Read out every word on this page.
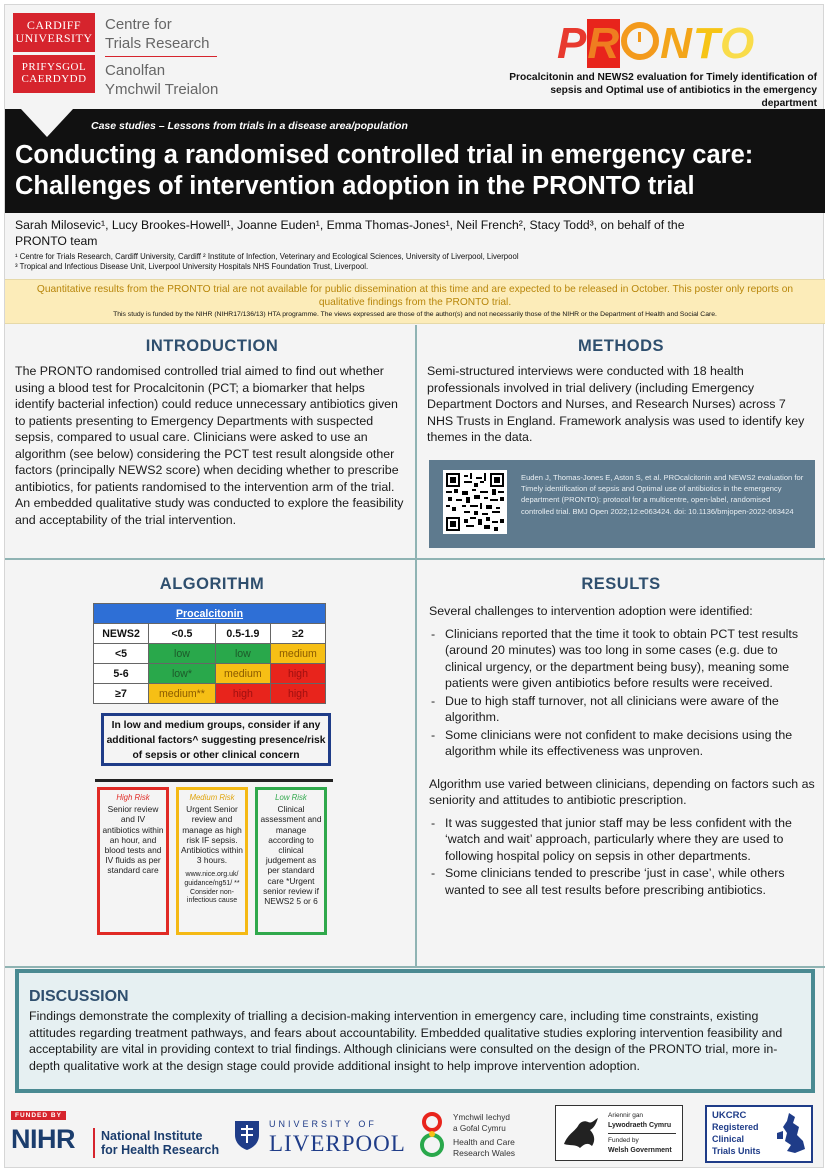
CARDIFF UNIVERSITY
PRIFYSGOL CAERDYDD
Centre for
Trials Research
Canolfan
Ymchwil Treialon
PR NTO
Procalcitonin and NEWS2 evaluation for Timely identification of sepsis and Optimal use of antibiotics in the emergency department
Case studies – Lessons from trials in a disease area/population
Conducting a randomised controlled trial in emergency care:
Challenges of intervention adoption in the PRONTO trial
Sarah Milosevic¹, Lucy Brookes-Howell¹, Joanne Euden¹, Emma Thomas-Jones¹, Neil French², Stacy Todd³, on behalf of the
PRONTO team
¹ Centre for Trials Research, Cardiff University, Cardiff ² Institute of Infection, Veterinary and Ecological Sciences, University of Liverpool, Liverpool
³ Tropical and Infectious Disease Unit, Liverpool University Hospitals NHS Foundation Trust, Liverpool.
Quantitative results from the PRONTO trial are not available for public dissemination at this time and are expected to be released in October. This poster only reports on qualitative findings from the PRONTO trial.
This study is funded by the NIHR (NIHR17/136/13) HTA programme. The views expressed are those of the author(s) and not necessarily those of the NIHR or the Department of Health and Social Care.
INTRODUCTION
The PRONTO randomised controlled trial aimed to find out whether using a blood test for Procalcitonin (PCT; a biomarker that helps identify bacterial infection) could reduce unnecessary antibiotics given to patients presenting to Emergency Departments with suspected sepsis, compared to usual care. Clinicians were asked to use an algorithm (see below) considering the PCT test result alongside other factors (principally NEWS2 score) when deciding whether to prescribe antibiotics, for patients randomised to the intervention arm of the trial. An embedded qualitative study was conducted to explore the feasibility and acceptability of the trial intervention.
METHODS
Semi-structured interviews were conducted with 18 health professionals involved in trial delivery (including Emergency Department Doctors and Nurses, and Research Nurses) across 7 NHS Trusts in England. Framework analysis was used to identify key themes in the data.
Euden J, Thomas-Jones E, Aston S, et al. PROcalcitonin and NEWS2 evaluation for Timely identification of sepsis and Optimal use of antibiotics in the emergency department (PRONTO): protocol for a multicentre, open-label, randomised controlled trial. BMJ Open 2022;12:e063424. doi: 10.1136/bmjopen-2022-063424
ALGORITHM
Procalcitonin			
NEWS2	<0.5	0.5-1.9	≥2
<5	low	low	medium
5-6	low*	medium	high
≥7	medium**	high	high
In low and medium groups, consider if any additional factors^ suggesting presence/risk of sepsis or other clinical concern
High Risk
Senior review and IV antibiotics within an hour, and blood tests and IV fluids as per standard care
Medium Risk
Urgent Senior review and manage as high risk IF sepsis. Antibiotics within 3 hours.
www.nice.org.uk/ guidance/ng51/ ** Consider non-infectious cause
Low Risk
Clinical assessment and manage according to clinical judgement as per standard care *Urgent senior review if NEWS2 5 or 6
RESULTS
Several challenges to intervention adoption were identified:
- Clinicians reported that the time it took to obtain PCT test results (around 20 minutes) was too long in some cases (e.g. due to clinical urgency, or the department being busy), meaning some patients were given antibiotics before results were received.
- Due to high staff turnover, not all clinicians were aware of the algorithm.
- Some clinicians were not confident to make decisions using the algorithm while its effectiveness was unproven.
Algorithm use varied between clinicians, depending on factors such as seniority and attitudes to antibiotic prescription.
- It was suggested that junior staff may be less confident with the ‘watch and wait’ approach, particularly where they are used to following hospital policy on sepsis in other departments.
- Some clinicians tended to prescribe ‘just in case’, while others wanted to see all test results before prescribing antibiotics.
DISCUSSION
Findings demonstrate the complexity of trialling a decision-making intervention in emergency care, including time constraints, existing attitudes regarding treatment pathways, and fears about accountability. Embedded qualitative studies exploring intervention feasibility and acceptability are vital in providing context to trial findings. Although clinicians were consulted on the design of the PRONTO trial, more in-depth qualitative work at the design stage could provide additional insight to help improve intervention adoption.
FUNDED BY
NIHR National Institute
for Health Research
UNIVERSITY OF
LIVERPOOL
Ymchwil Iechyd
a Gofal Cymru
Health and Care
Research Wales
Ariennir gan
Lywodraeth Cymru
Funded by
Welsh Government
UKCRC
Registered
Clinical
Trials Units
